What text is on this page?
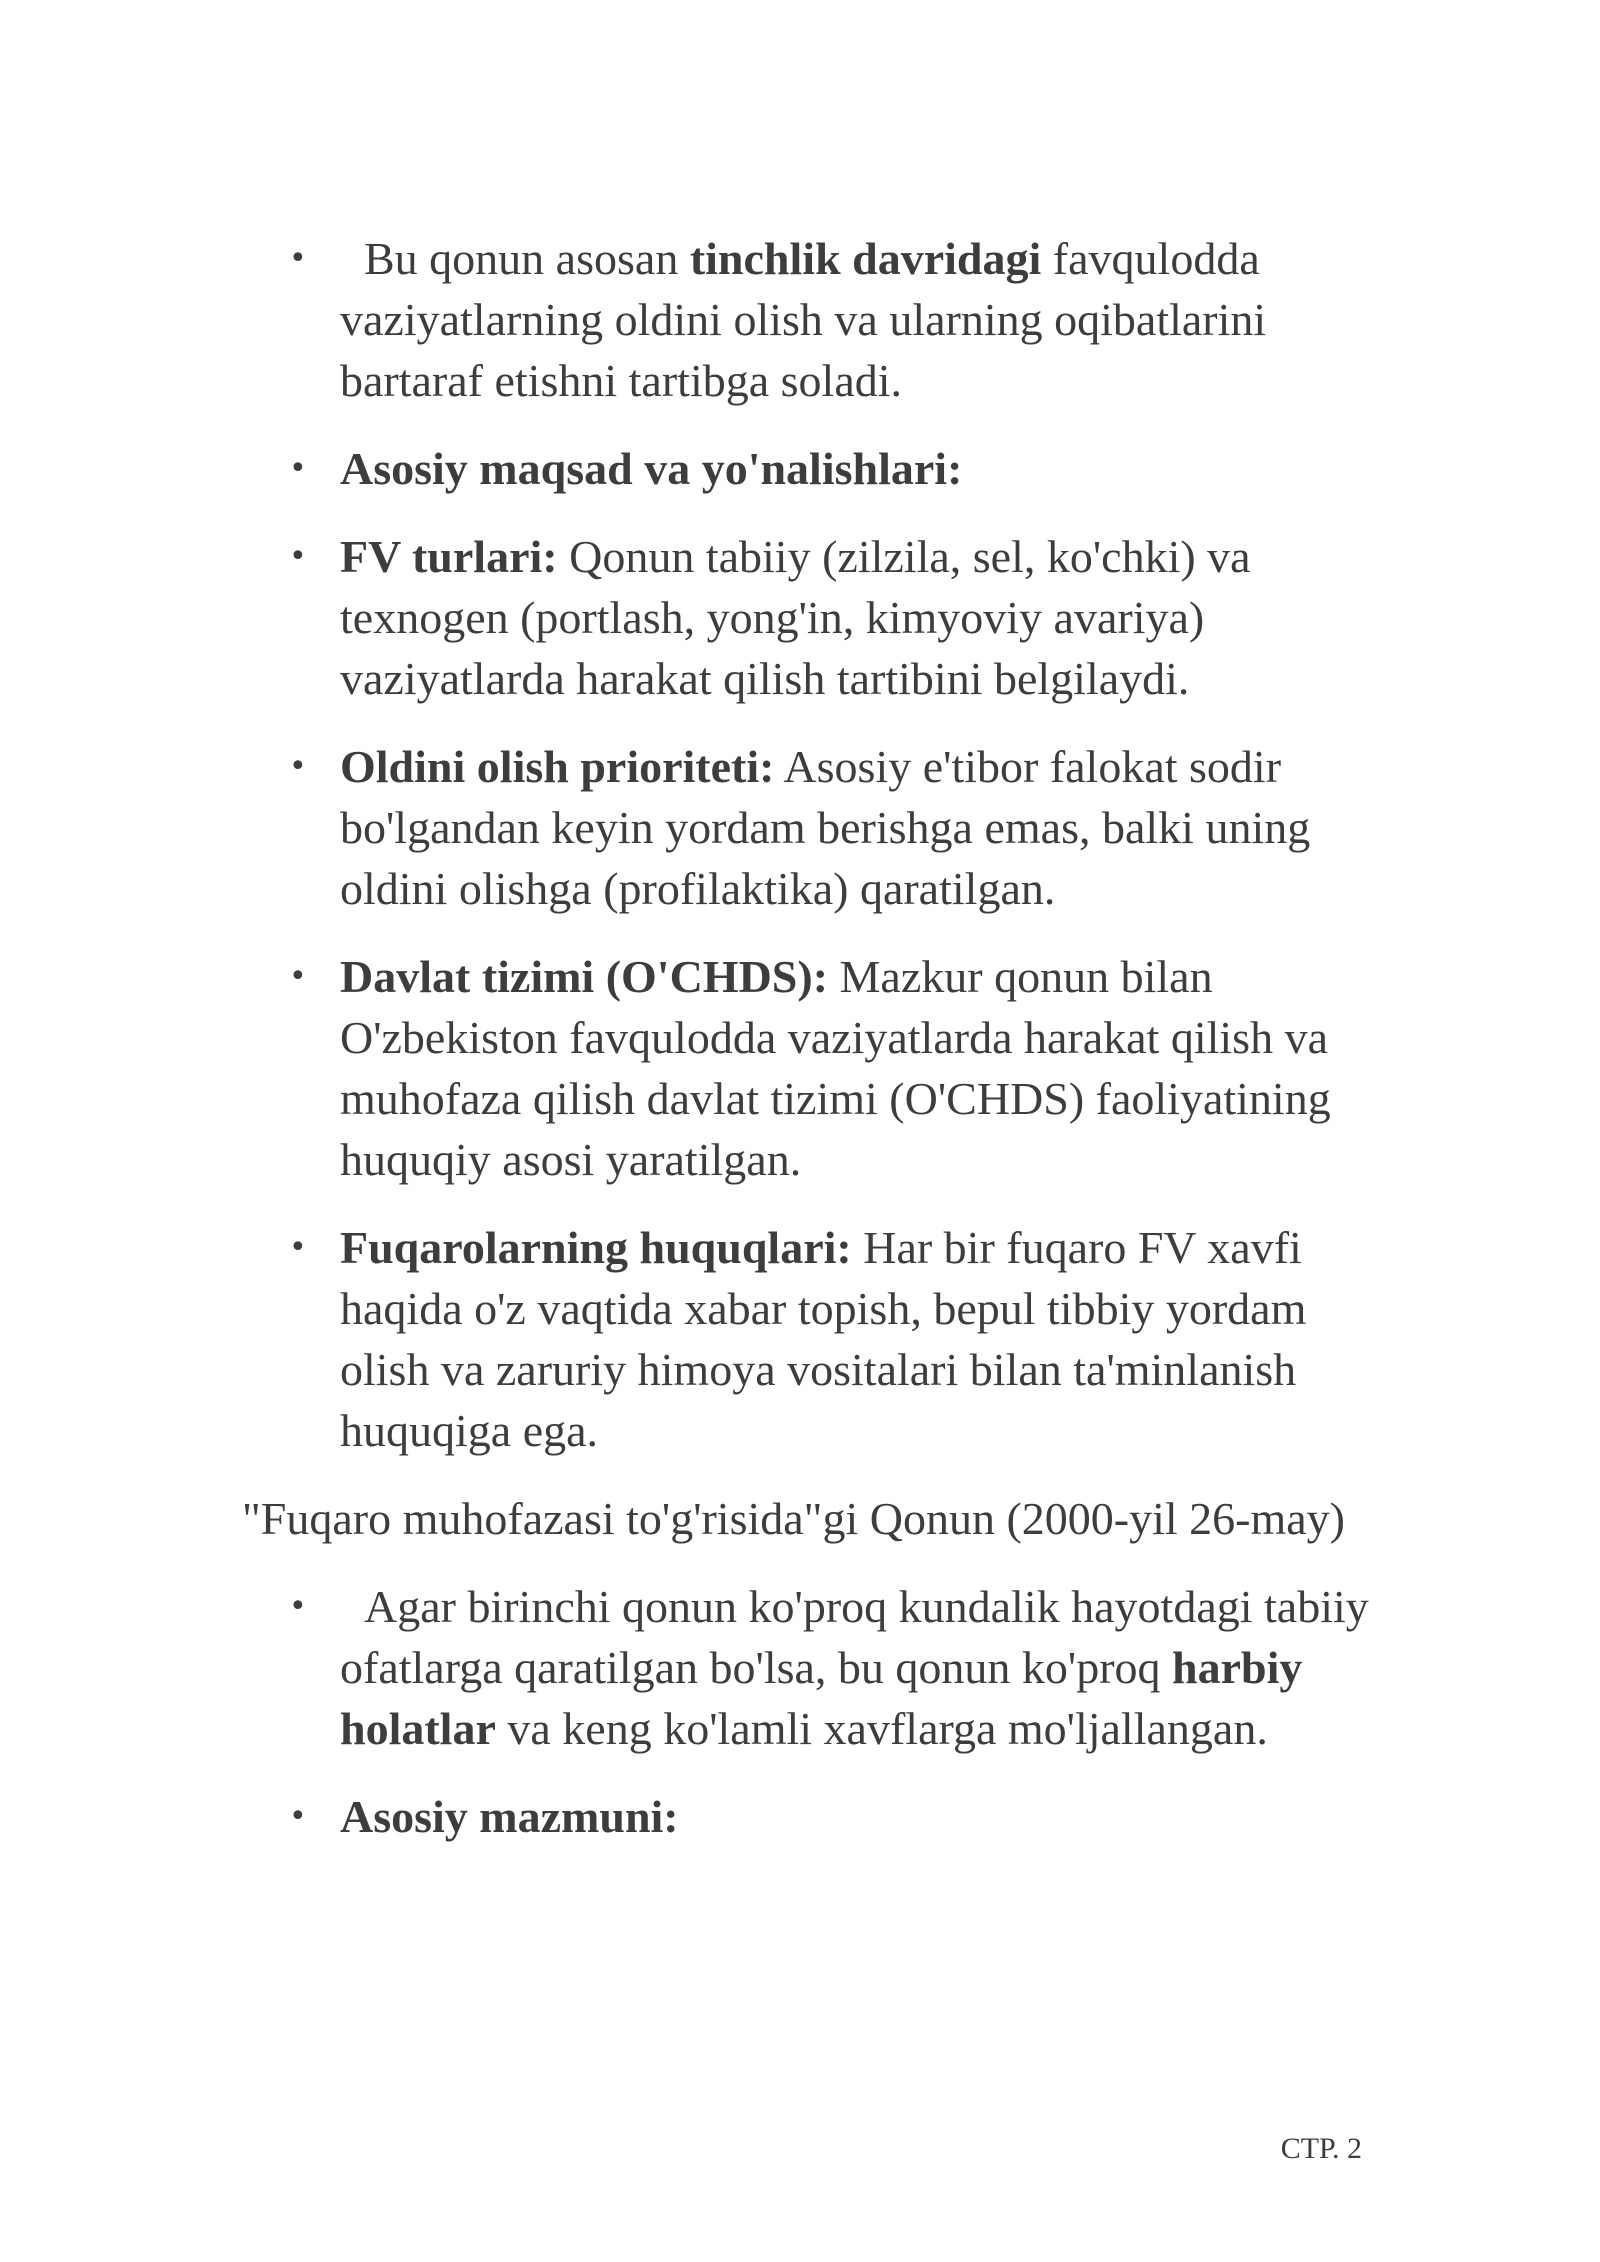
• Bu qonun asosan tinchlik davridagi favqulodda vaziyatlarning oldini olish va ularning oqibatlarini bartaraf etishni tartibga soladi.
• Asosiy maqsad va yo'nalishlari:
• FV turlari: Qonun tabiiy (zilzila, sel, ko'chki) va texnogen (portlash, yong'in, kimyoviy avariya) vaziyatlarda harakat qilish tartibini belgilaydi.
• Oldini olish prioriteti: Asosiy e'tibor falokat sodir bo'lgandan keyin yordam berishga emas, balki uning oldini olishga (profilaktika) qaratilgan.
• Davlat tizimi (O'CHDS): Mazkur qonun bilan O'zbekiston favqulodda vaziyatlarda harakat qilish va muhofaza qilish davlat tizimi (O'CHDS) faoliyatining huquqiy asosi yaratilgan.
• Fuqarolarning huquqlari: Har bir fuqaro FV xavfi haqida o'z vaqtida xabar topish, bepul tibbiy yordam olish va zaruriy himoya vositalari bilan ta'minlanish huquqiga ega.

"Fuqaro muhofazasi to'g'risida"gi Qonun (2000-yil 26-may)

• Agar birinchi qonun ko'proq kundalik hayotdagi tabiiy ofatlarga qaratilgan bo'lsa, bu qonun ko'proq harbiy holatlar va keng ko'lamli xavflarga mo'ljallangan.
• Asosiy mazmuni:
СТР. 2
